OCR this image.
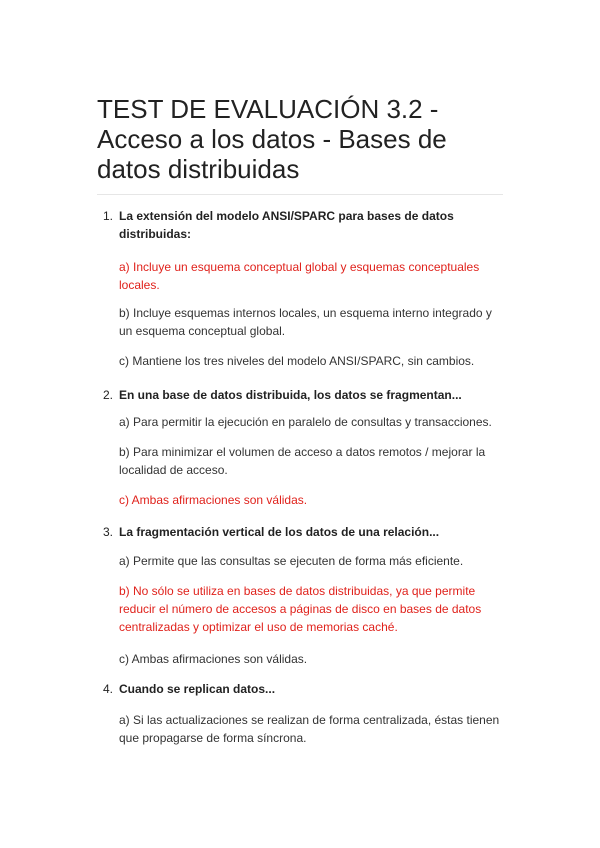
TEST DE EVALUACIÓN 3.2 - Acceso a los datos - Bases de datos distribuidas
1. La extensión del modelo ANSI/SPARC para bases de datos distribuidas:
a) Incluye un esquema conceptual global y esquemas conceptuales locales.
b) Incluye esquemas internos locales, un esquema interno integrado y un esquema conceptual global.
c) Mantiene los tres niveles del modelo ANSI/SPARC, sin cambios.
2. En una base de datos distribuida, los datos se fragmentan...
a) Para permitir la ejecución en paralelo de consultas y transacciones.
b) Para minimizar el volumen de acceso a datos remotos / mejorar la localidad de acceso.
c) Ambas afirmaciones son válidas.
3. La fragmentación vertical de los datos de una relación...
a) Permite que las consultas se ejecuten de forma más eficiente.
b) No sólo se utiliza en bases de datos distribuidas, ya que permite reducir el número de accesos a páginas de disco en bases de datos centralizadas y optimizar el uso de memorias caché.
c) Ambas afirmaciones son válidas.
4. Cuando se replican datos...
a) Si las actualizaciones se realizan de forma centralizada, éstas tienen que propagarse de forma síncrona.
